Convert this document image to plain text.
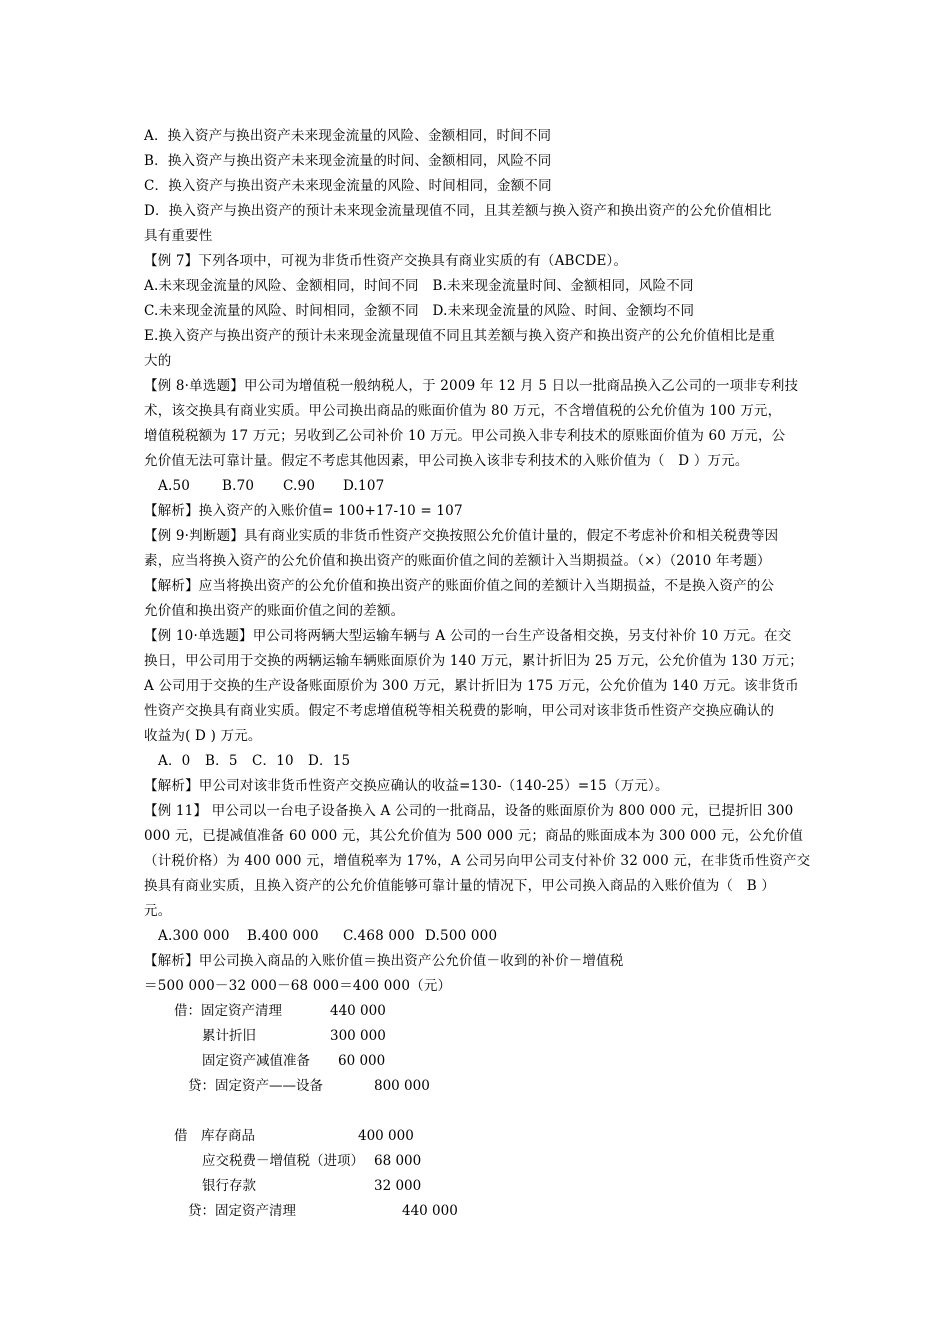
A．换入资产与换出资产未来现金流量的风险、金额相同，时间不同
B．换入资产与换出资产未来现金流量的时间、金额相同，风险不同
C．换入资产与换出资产未来现金流量的风险、时间相同，金额不同
D．换入资产与换出资产的预计未来现金流量现值不同，且其差额与换入资产和换出资产的公允价值相比
具有重要性
【例 7】下列各项中，可视为非货币性资产交换具有商业实质的有（ABCDE）。
A.未来现金流量的风险、金额相同，时间不同　B.未来现金流量时间、金额相同，风险不同
C.未来现金流量的风险、时间相同，金额不同　D.未来现金流量的风险、时间、金额均不同
E.换入资产与换出资产的预计未来现金流量现值不同且其差额与换入资产和换出资产的公允价值相比是重
大的
【例 8·单选题】甲公司为增值税一般纳税人，于 2009 年 12 月 5 日以一批商品换入乙公司的一项非专利技
术，该交换具有商业实质。甲公司换出商品的账面价值为 80 万元，不含增值税的公允价值为 100 万元，
增值税税额为 17 万元；另收到乙公司补价 10 万元。甲公司换入非专利技术的原账面价值为 60 万元，公
允价值无法可靠计量。假定不考虑其他因素，甲公司换入该非专利技术的入账价值为（　D ）万元。
A.50 B.70 C.90 D.107
【解析】换入资产的入账价值= 100+17-10 = 107
【例 9·判断题】具有商业实质的非货币性资产交换按照公允价值计量的，假定不考虑补价和相关税费等因
素，应当将换入资产的公允价值和换出资产的账面价值之间的差额计入当期损益。（×）（2010 年考题）
【解析】应当将换出资产的公允价值和换出资产的账面价值之间的差额计入当期损益，不是换入资产的公
允价值和换出资产的账面价值之间的差额。
【例 10·单选题】甲公司将两辆大型运输车辆与 A 公司的一台生产设备相交换，另支付补价 10 万元。在交
换日，甲公司用于交换的两辆运输车辆账面原价为 140 万元，累计折旧为 25 万元，公允价值为 130 万元；
A 公司用于交换的生产设备账面原价为 300 万元，累计折旧为 175 万元，公允价值为 140 万元。该非货币
性资产交换具有商业实质。假定不考虑增值税等相关税费的影响，甲公司对该非货币性资产交换应确认的
收益为( D ) 万元。
A．0 B．5 C．10 D．15
【解析】甲公司对该非货币性资产交换应确认的收益=130-（140-25）=15（万元）。
【例 11】 甲公司以一台电子设备换入 A 公司的一批商品，设备的账面原价为 800 000 元，已提折旧 300
000 元，已提减值准备 60 000 元，其公允价值为 500 000 元；商品的账面成本为 300 000 元，公允价值
（计税价格）为 400 000 元，增值税率为 17%，A 公司另向甲公司支付补价 32 000 元，在非货币性资产交
换具有商业实质，且换入资产的公允价值能够可靠计量的情况下，甲公司换入商品的入账价值为（　B ）
元。
A.300 000 B.400 000 C.468 000 D.500 000
【解析】甲公司换入商品的入账价值＝换出资产公允价值－收到的补价－增值税
＝500 000－32 000－68 000＝400 000（元）
借：固定资产清理	440 000
累计折旧	300 000
固定资产减值准备 60 000
贷：固定资产——设备	800 000
借　库存商品	400 000
应交税费－增值税（进项） 68 000
银行存款	32 000
贷：固定资产清理	440 000
